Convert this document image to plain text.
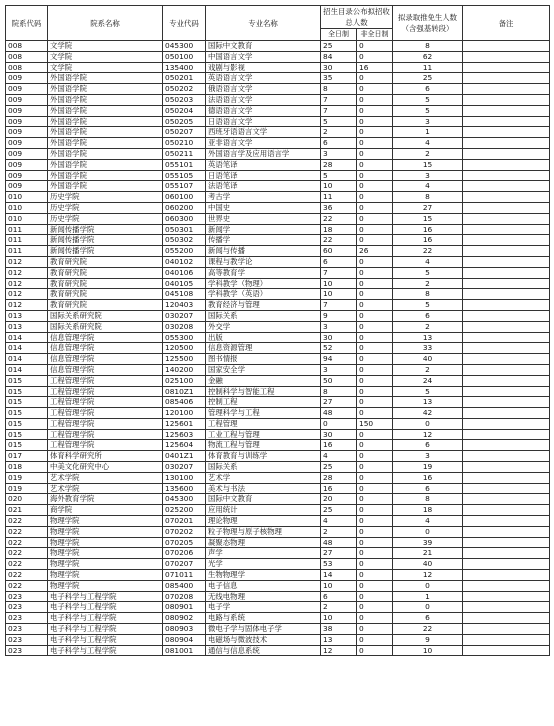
院系代码	院系名称	专业代码	专业名称	招生目录公布拟招收总人数		拟录取推免生人数（含强基转段）	备注
				全日制	非全日制		
008	文学院	045300	国际中文教育	25	0	8	
008	文学院	050100	中国语言文学	84	0	62	
008	文学院	135400	戏剧与影视	30	16	11	
009	外国语学院	050201	英语语言文学	35	0	25	
009	外国语学院	050202	俄语语言文学	8	0	6	
009	外国语学院	050203	法语语言文学	7	0	5	
009	外国语学院	050204	德语语言文学	7	0	5	
009	外国语学院	050205	日语语言文学	5	0	3	
009	外国语学院	050207	西班牙语语言文学	2	0	1	
009	外国语学院	050210	亚非语言文学	6	0	4	
009	外国语学院	050211	外国语言学及应用语言学	3	0	2	
009	外国语学院	055101	英语笔译	28	0	15	
009	外国语学院	055105	日语笔译	5	0	3	
009	外国语学院	055107	法语笔译	10	0	4	
010	历史学院	060100	考古学	11	0	8	
010	历史学院	060200	中国史	36	0	27	
010	历史学院	060300	世界史	22	0	15	
011	新闻传播学院	050301	新闻学	18	0	16	
011	新闻传播学院	050302	传播学	22	0	16	
011	新闻传播学院	055200	新闻与传播	60	26	22	
012	教育研究院	040102	课程与教学论	6	0	4	
012	教育研究院	040106	高等教育学	7	0	5	
012	教育研究院	040105	学科教学（物理）	10	0	2	
012	教育研究院	045108	学科教学（英语）	10	0	8	
012	教育研究院	120403	教育经济与管理	7	0	5	
013	国际关系研究院	030207	国际关系	9	0	6	
013	国际关系研究院	030208	外交学	3	0	2	
014	信息管理学院	055300	出版	30	0	13	
014	信息管理学院	120500	信息资源管理	52	0	33	
014	信息管理学院	125500	图书情报	94	0	40	
014	信息管理学院	140200	国家安全学	3	0	2	
015	工程管理学院	025100	金融	50	0	24	
015	工程管理学院	0810Z1	控制科学与智能工程	8	0	5	
015	工程管理学院	085406	控制工程	27	0	13	
015	工程管理学院	120100	管理科学与工程	48	0	42	
015	工程管理学院	125601	工程管理	0	150	0	
015	工程管理学院	125603	工业工程与管理	30	0	12	
015	工程管理学院	125604	物流工程与管理	16	0	6	
017	体育科学研究所	0401Z1	体育教育与训练学	4	0	3	
018	中美文化研究中心	030207	国际关系	25	0	19	
019	艺术学院	130100	艺术学	28	0	16	
019	艺术学院	135600	美术与书法	16	0	6	
020	海外教育学院	045300	国际中文教育	20	0	8	
021	商学院	025200	应用统计	25	0	18	
022	物理学院	070201	理论物理	4	0	4	
022	物理学院	070202	粒子物理与原子核物理	2	0	0	
022	物理学院	070205	凝聚态物理	48	0	39	
022	物理学院	070206	声学	27	0	21	
022	物理学院	070207	光学	53	0	40	
022	物理学院	071011	生物物理学	14	0	12	
022	物理学院	085400	电子信息	10	0	0	
023	电子科学与工程学院	070208	无线电物理	6	0	1	
023	电子科学与工程学院	080901	电子学	2	0	0	
023	电子科学与工程学院	080902	电路与系统	10	0	6	
023	电子科学与工程学院	080903	微电子学与固体电子学	38	0	22	
023	电子科学与工程学院	080904	电磁场与微波技术	13	0	9	
023	电子科学与工程学院	081001	通信与信息系统	12	0	10	
